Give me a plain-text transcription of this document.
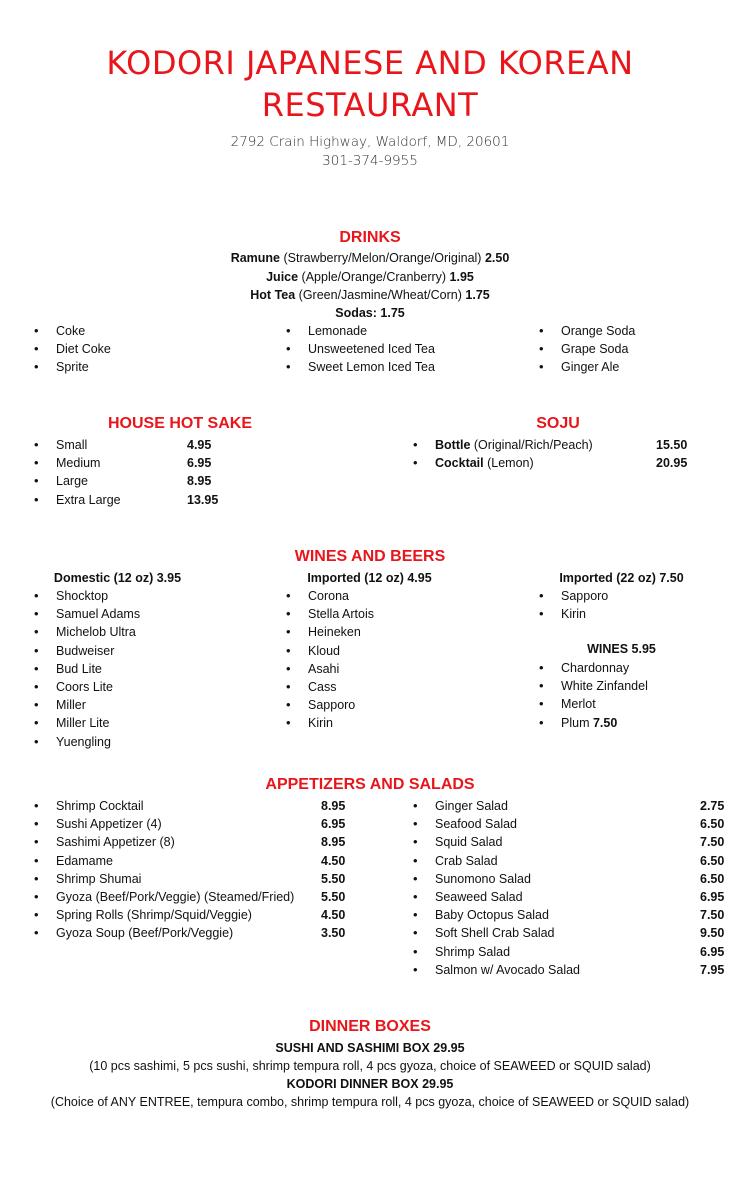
KODORI JAPANESE AND KOREAN
RESTAURANT
2792 Crain Highway, Waldorf, MD, 20601
301-374-9955
DRINKS
Ramune (Strawberry/Melon/Orange/Original) 2.50
Juice (Apple/Orange/Cranberry) 1.95
Hot Tea (Green/Jasmine/Wheat/Corn) 1.75
Sodas: 1.75
• Coke
• Diet Coke
• Sprite
• Lemonade
• Unsweetened Iced Tea
• Sweet Lemon Iced Tea
• Orange Soda
• Grape Soda
• Ginger Ale
HOUSE HOT SAKE
• Small	4.95
• Medium	6.95
• Large	8.95
• Extra Large	13.95
SOJU
• Bottle (Original/Rich/Peach)	15.50
• Cocktail (Lemon)	20.95
WINES AND BEERS
Domestic (12 oz) 3.95
• Shocktop
• Samuel Adams
• Michelob Ultra
• Budweiser
• Bud Lite
• Coors Lite
• Miller
• Miller Lite
• Yuengling
Imported (12 oz) 4.95
• Corona
• Stella Artois
• Heineken
• Kloud
• Asahi
• Cass
• Sapporo
• Kirin
Imported (22 oz) 7.50
• Sapporo
• Kirin
WINES 5.95
• Chardonnay
• White Zinfandel
• Merlot
• Plum 7.50
APPETIZERS AND SALADS
• Shrimp Cocktail	8.95
• Sushi Appetizer (4)	6.95
• Sashimi Appetizer (8)	8.95
• Edamame	4.50
• Shrimp Shumai	5.50
• Gyoza (Beef/Pork/Veggie) (Steamed/Fried) 5.50
• Spring Rolls (Shrimp/Squid/Veggie)	4.50
• Gyoza Soup (Beef/Pork/Veggie)	3.50
• Ginger Salad	2.75
• Seafood Salad	6.50
• Squid Salad	7.50
• Crab Salad	6.50
• Sunomono Salad	6.50
• Seaweed Salad	6.95
• Baby Octopus Salad	7.50
• Soft Shell Crab Salad	9.50
• Shrimp Salad	6.95
• Salmon w/ Avocado Salad	7.95
DINNER BOXES
SUSHI AND SASHIMI BOX 29.95
(10 pcs sashimi, 5 pcs sushi, shrimp tempura roll, 4 pcs gyoza, choice of SEAWEED or SQUID salad)
KODORI DINNER BOX 29.95
(Choice of ANY ENTREE, tempura combo, shrimp tempura roll, 4 pcs gyoza, choice of SEAWEED or SQUID salad)
